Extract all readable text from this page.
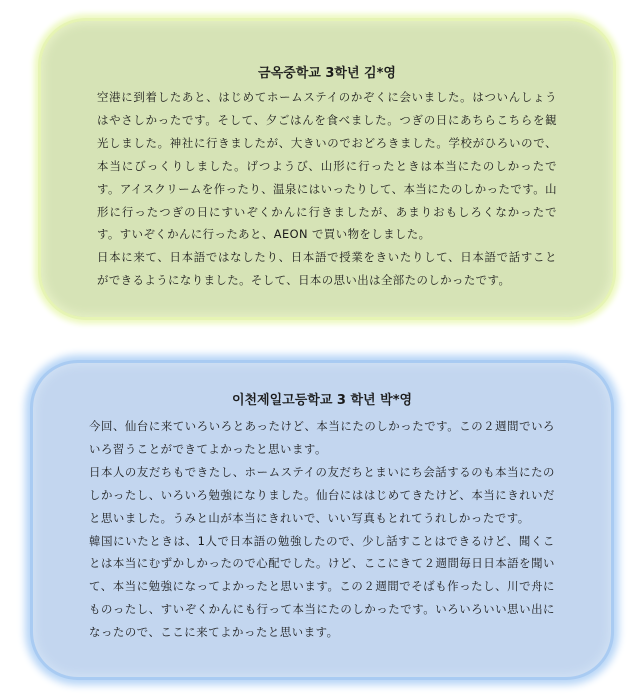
금옥중학교 3학년 김*영

空港に到着したあと、はじめてホームステイのかぞくに会いました。はついんしょうはやさしかったです。そして、夕ごはんを食べました。つぎの日にあちらこちらを観光しました。神社に行きましたが、大きいのでおどろきました。学校がひろいので、本当にびっくりしました。げつようび、山形に行ったときは本当にたのしかったです。アイスクリームを作ったり、温泉にはいったりして、本当にたのしかったです。山形に行ったつぎの日にすいぞくかんに行きましたが、あまりおもしろくなかったです。すいぞくかんに行ったあと、AEON で買い物をしました。

日本に来て、日本語ではなしたり、日本語で授業をきいたりして、日本語で話すことができるようになりました。そして、日本の思い出は全部たのしかったです。

이천제일고등학교 3 학년 박*영

今回、仙台に来ていろいろとあったけど、本当にたのしかったです。この２週間でいろいろ習うことができてよかったと思います。

日本人の友だちもできたし、ホームステイの友だちとまいにち会話するのも本当にたのしかったし、いろいろ勉強になりました。仙台にははじめてきたけど、本当にきれいだと思いました。うみと山が本当にきれいで、いい写真もとれてうれしかったです。

韓国にいたときは、1人で日本語の勉強したので、少し話すことはできるけど、聞くことは本当にむずかしかったので心配でした。けど、ここにきて２週間毎日日本語を聞いて、本当に勉強になってよかったと思います。この２週間でそばも作ったし、川で舟にものったし、すいぞくかんにも行って本当にたのしかったです。いろいろいい思い出になったので、ここに来てよかったと思います。
